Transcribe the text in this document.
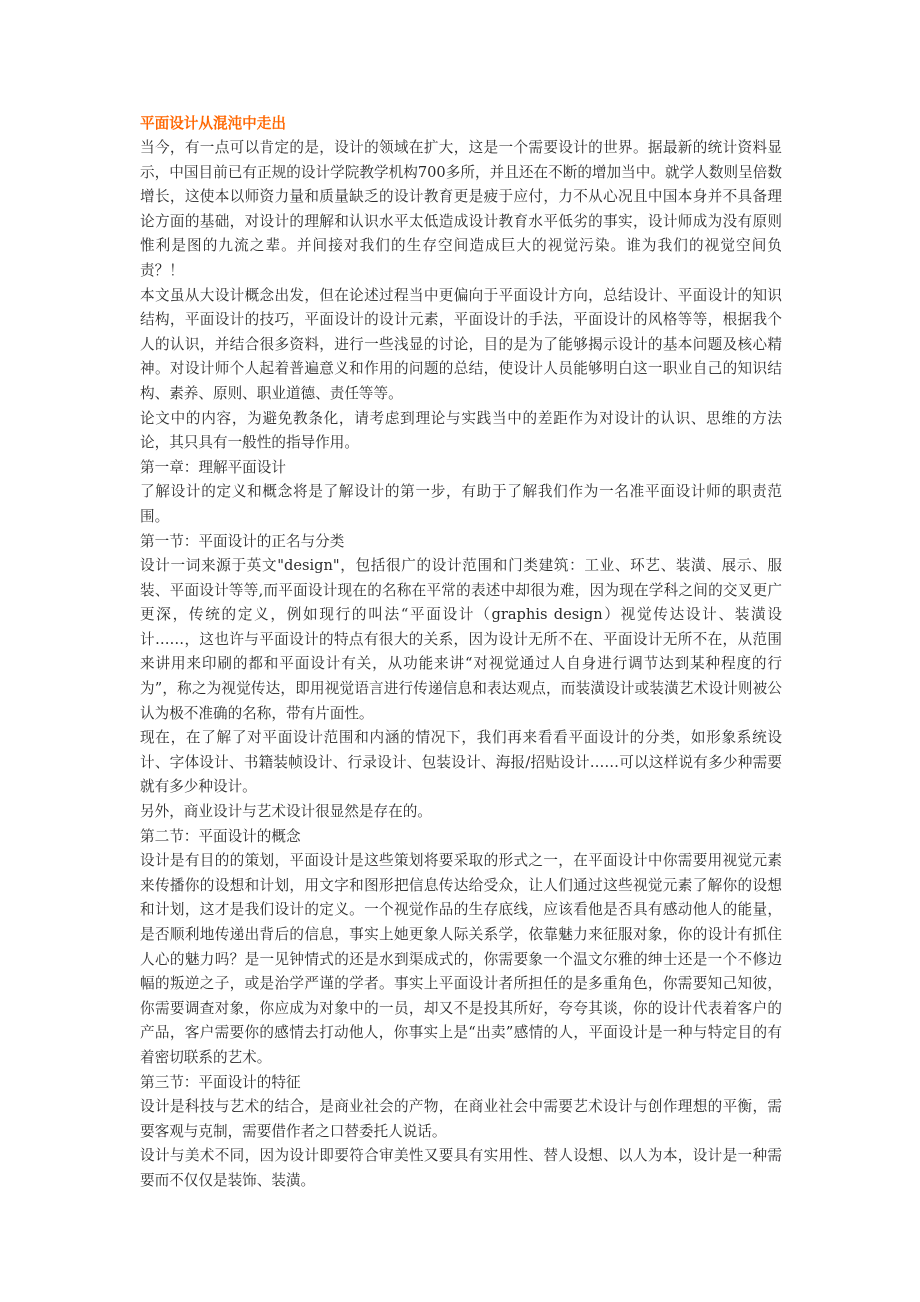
平面设计从混沌中走出
当今，有一点可以肯定的是，设计的领域在扩大，这是一个需要设计的世界。据最新的统计资料显示，中国目前已有正规的设计学院教学机构700多所，并且还在不断的增加当中。就学人数则呈倍数增长，这使本以师资力量和质量缺乏的设计教育更是疲于应付，力不从心况且中国本身并不具备理论方面的基础，对设计的理解和认识水平太低造成设计教育水平低劣的事实，设计师成为没有原则惟利是图的九流之辈。并间接对我们的生存空间造成巨大的视觉污染。谁为我们的视觉空间负责？！
本文虽从大设计概念出发，但在论述过程当中更偏向于平面设计方向，总结设计、平面设计的知识结构，平面设计的技巧，平面设计的设计元素，平面设计的手法，平面设计的风格等等，根据我个人的认识，并结合很多资料，进行一些浅显的讨论，目的是为了能够揭示设计的基本问题及核心精神。对设计师个人起着普遍意义和作用的问题的总结，使设计人员能够明白这一职业自己的知识结构、素养、原则、职业道德、责任等等。
论文中的内容，为避免教条化，请考虑到理论与实践当中的差距作为对设计的认识、思维的方法论，其只具有一般性的指导作用。
第一章：理解平面设计
了解设计的定义和概念将是了解设计的第一步，有助于了解我们作为一名准平面设计师的职责范围。
第一节：平面设计的正名与分类
设计一词来源于英文"design"，包括很广的设计范围和门类建筑：工业、环艺、装潢、展示、服装、平面设计等等,而平面设计现在的名称在平常的表述中却很为难，因为现在学科之间的交叉更广更深，传统的定义，例如现行的叫法“平面设计（graphis design）视觉传达设计、装潢设计……，这也许与平面设计的特点有很大的关系，因为设计无所不在、平面设计无所不在，从范围来讲用来印刷的都和平面设计有关，从功能来讲“对视觉通过人自身进行调节达到某种程度的行为”，称之为视觉传达，即用视觉语言进行传递信息和表达观点，而装潢设计或装潢艺术设计则被公认为极不准确的名称，带有片面性。
现在，在了解了对平面设计范围和内涵的情况下，我们再来看看平面设计的分类，如形象系统设计、字体设计、书籍装帧设计、行录设计、包装设计、海报/招贴设计……可以这样说有多少种需要就有多少种设计。
另外，商业设计与艺术设计很显然是存在的。
第二节：平面设计的概念
设计是有目的的策划，平面设计是这些策划将要采取的形式之一，在平面设计中你需要用视觉元素来传播你的设想和计划，用文字和图形把信息传达给受众，让人们通过这些视觉元素了解你的设想和计划，这才是我们设计的定义。一个视觉作品的生存底线，应该看他是否具有感动他人的能量，是否顺利地传递出背后的信息，事实上她更象人际关系学，依靠魅力来征服对象，你的设计有抓住人心的魅力吗？是一见钟情式的还是水到渠成式的，你需要象一个温文尔雅的绅士还是一个不修边幅的叛逆之子，或是治学严谨的学者。事实上平面设计者所担任的是多重角色，你需要知己知彼，你需要调查对象，你应成为对象中的一员，却又不是投其所好，夸夸其谈，你的设计代表着客户的产品，客户需要你的感情去打动他人，你事实上是“出卖”感情的人，平面设计是一种与特定目的有着密切联系的艺术。
第三节：平面设计的特征
设计是科技与艺术的结合，是商业社会的产物，在商业社会中需要艺术设计与创作理想的平衡，需要客观与克制，需要借作者之口替委托人说话。
设计与美术不同，因为设计即要符合审美性又要具有实用性、替人设想、以人为本，设计是一种需要而不仅仅是装饰、装潢。
